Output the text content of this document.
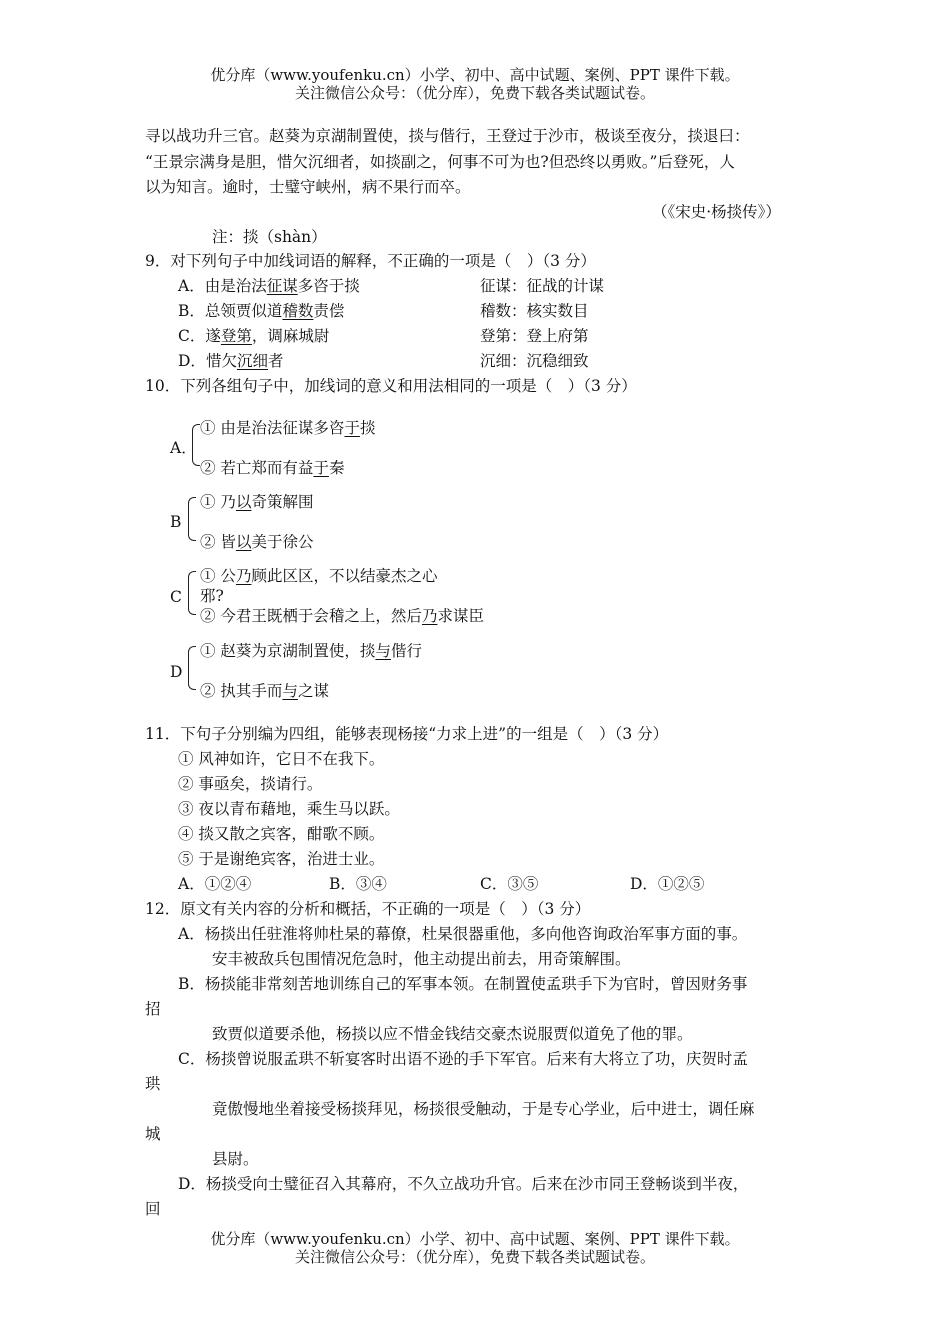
优分库（www.youfenku.cn）小学、初中、高中试题、案例、PPT 课件下载。
关注微信公众号：（优分库），免费下载各类试题试卷。
寻以战功升三官。赵葵为京湖制置使，掞与偕行，王登过于沙市，极谈至夜分，掞退曰：
“王景宗满身是胆，惜欠沉细者，如掞副之，何事不可为也?但恐终以勇败。”后登死，人
以为知言。逾时，士璧守峡州，病不果行而卒。
（《宋史·杨掞传》）
注：掞（shàn）
9．对下列句子中加线词语的解释，不正确的一项是（　）（3 分）
A．由是治法征谋多咨于掞	征谋：征战的计谋
B．总领贾似道稽数责偿	稽数：核实数目
C．遂登第，调麻城尉	登第：登上府第
D．惜欠沉细者	沉细：沉稳细致
10．下列各组句子中，加线词的意义和用法相同的一项是（　）（3 分）
A．
① 由是治法征谋多咨于掞
② 若亡郑而有益于秦
B
① 乃以奇策解围
② 皆以美于徐公
C
① 公乃顾此区区，不以结豪杰之心
邪?
② 今君王既栖于会稽之上，然后乃求谋臣
D
① 赵葵为京湖制置使，掞与偕行
② 执其手而与之谋
11．下句子分别编为四组，能够表现杨接“力求上进”的一组是（　）（3 分）
① 风神如许，它日不在我下。
② 事亟矣，掞请行。
③ 夜以青布藉地，乘生马以跃。
④ 掞又散之宾客，酣歌不顾。
⑤ 于是谢绝宾客，治进士业。
A．①②④	B．③④	C．③⑤	D．①②⑤
12．原文有关内容的分析和概括，不正确的一项是（　）（3 分）
A．杨掞出任驻淮将帅杜杲的幕僚，杜杲很器重他，多向他咨询政治军事方面的事。
安丰被敌兵包围情况危急时，他主动提出前去，用奇策解围。
B．杨掞能非常刻苦地训练自己的军事本领。在制置使孟珙手下为官时，曾因财务事
招
致贾似道要杀他，杨掞以应不惜金钱结交豪杰说服贾似道免了他的罪。
C．杨掞曾说服孟珙不斩宴客时出语不逊的手下军官。后来有大将立了功，庆贺时孟
珙
竟傲慢地坐着接受杨掞拜见，杨掞很受触动，于是专心学业，后中进士，调任麻
城
县尉。
D．杨掞受向士璧征召入其幕府，不久立战功升官。后来在沙市同王登畅谈到半夜，
回
优分库（www.youfenku.cn）小学、初中、高中试题、案例、PPT 课件下载。
关注微信公众号：（优分库），免费下载各类试题试卷。
